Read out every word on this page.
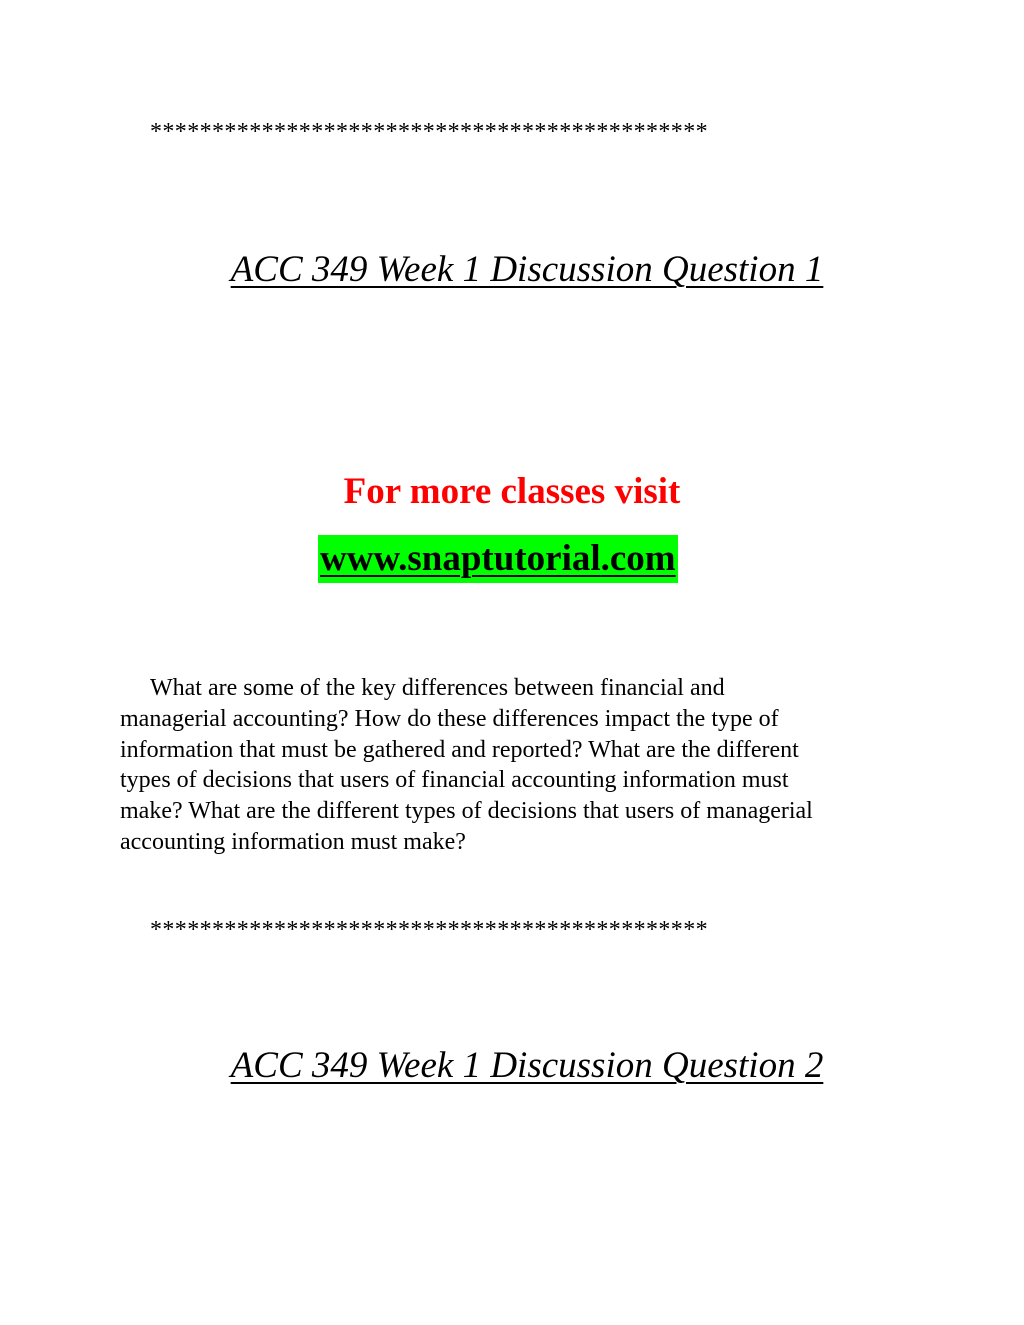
*********************************************
ACC 349 Week 1 Discussion Question 1
For more classes visit
www.snaptutorial.com
What are some of the key differences between financial and
managerial accounting? How do these differences impact the type of
information that must be gathered and reported? What are the different
types of decisions that users of financial accounting information must
make? What are the different types of decisions that users of managerial
accounting information must make?
*********************************************
ACC 349 Week 1 Discussion Question 2
